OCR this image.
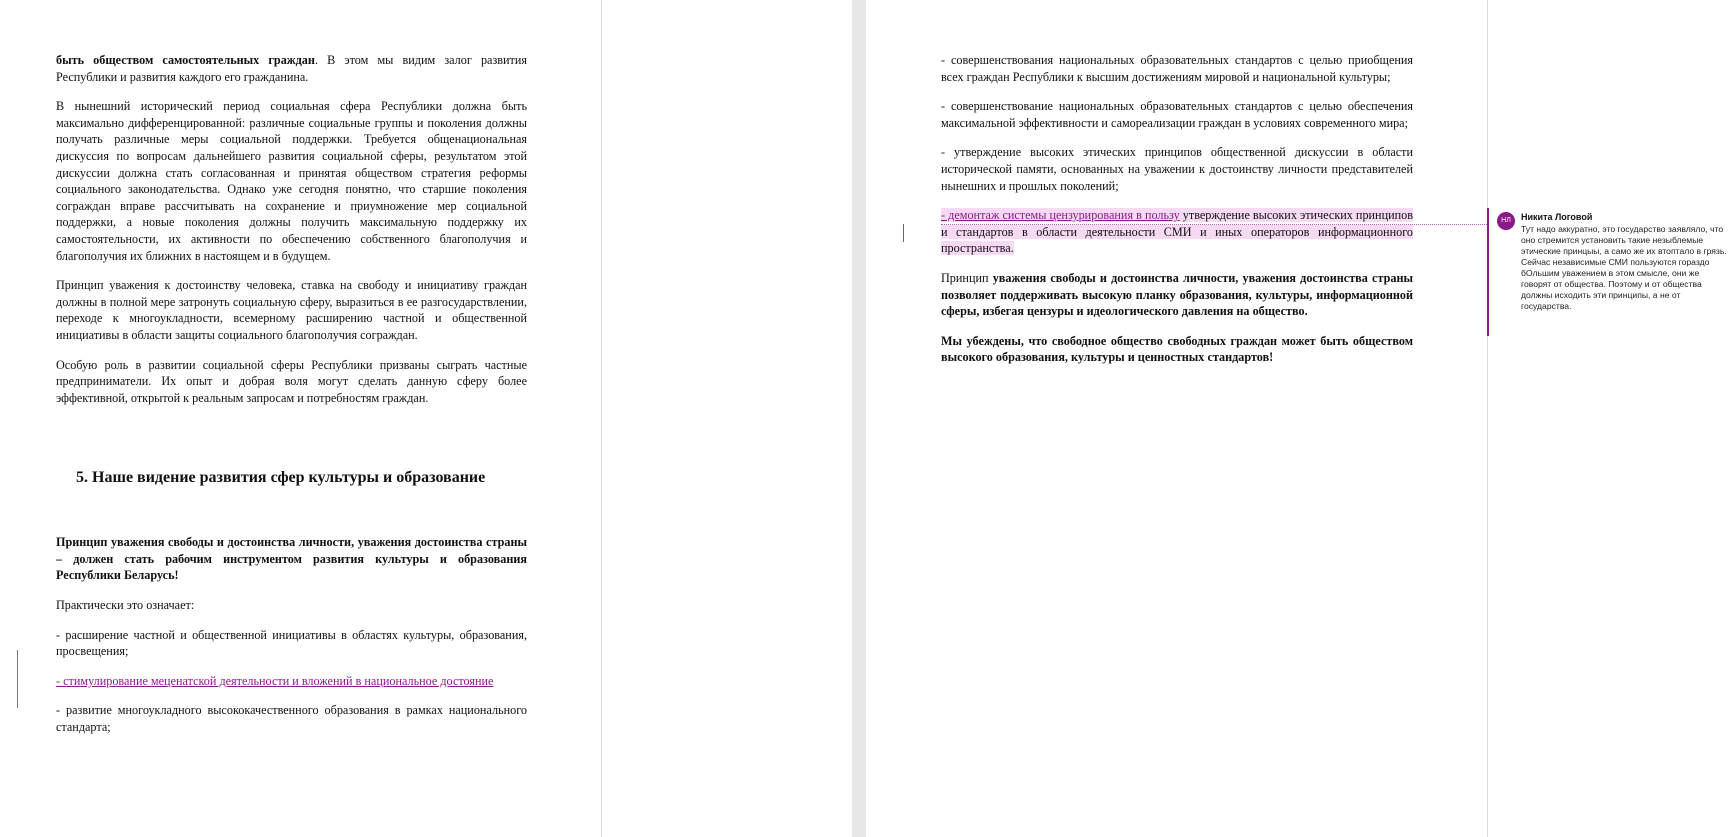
быть обществом самостоятельных граждан. В этом мы видим залог развития Республики и развития каждого его гражданина.

В нынешний исторический период социальная сфера Республики должна быть максимально дифференцированной: различные социальные группы и поколения должны получать различные меры социальной поддержки. Требуется общенациональная дискуссия по вопросам дальнейшего развития социальной сферы, результатом этой дискуссии должна стать согласованная и принятая обществом стратегия реформы социального законодательства. Однако уже сегодня понятно, что старшие поколения сограждан вправе рассчитывать на сохранение и приумножение мер социальной поддержки, а новые поколения должны получить максимальную поддержку их самостоятельности, их активности по обеспечению собственного благополучия и благополучия их ближних в настоящем и в будущем.

Принцип уважения к достоинству человека, ставка на свободу и инициативу граждан должны в полной мере затронуть социальную сферу, выразиться в ее разгосударствлении, переходе к многоукладности, всемерному расширению частной и общественной инициативы в области защиты социального благополучия сограждан.

Особую роль в развитии социальной сферы Республики призваны сыграть частные предприниматели. Их опыт и добрая воля могут сделать данную сферу более эффективной, открытой к реальным запросам и потребностям граждан.

5. Наше видение развития сфер культуры и образование

Принцип уважения свободы и достоинства личности, уважения достоинства страны – должен стать рабочим инструментом развития культуры и образования Республики Беларусь!

Практически это означает:

- расширение частной и общественной инициативы в областях культуры, образования, просвещения;

- стимулирование меценатской деятельности и вложений в национальное достояние

- развитие многоукладного высококачественного образования в рамках национального стандарта;

- совершенствования национальных образовательных стандартов с целью приобщения всех граждан Республики к высшим достижениям мировой и национальной культуры;

- совершенствование национальных образовательных стандартов с целью обеспечения максимальной эффективности и самореализации граждан в условиях современного мира;

- утверждение высоких этических принципов общественной дискуссии в области исторической памяти, основанных на уважении к достоинству личности представителей нынешних и прошлых поколений;

- демонтаж системы цензурирования в пользу утверждение высоких этических принципов и стандартов в области деятельности СМИ и иных операторов информационного пространства.

Принцип уважения свободы и достоинства личности, уважения достоинства страны позволяет поддерживать высокую планку образования, культуры, информационной сферы, избегая цензуры и идеологического давления на общество.

Мы убеждены, что свободное общество свободных граждан может быть обществом высокого образования, культуры и ценностных стандартов!

НЛ	Никита Логовой
Тут надо аккуратно, это государство заявляло, что оно стремится установить такие незыблемые этические принцыы, а само же их втоптало в грязь. Сейчас независимые СМИ пользуются гораздо бОльшим уважением в этом смысле, они же говорят от общества. Поэтому и от общества должны исходить эти принципы, а не от государства.
